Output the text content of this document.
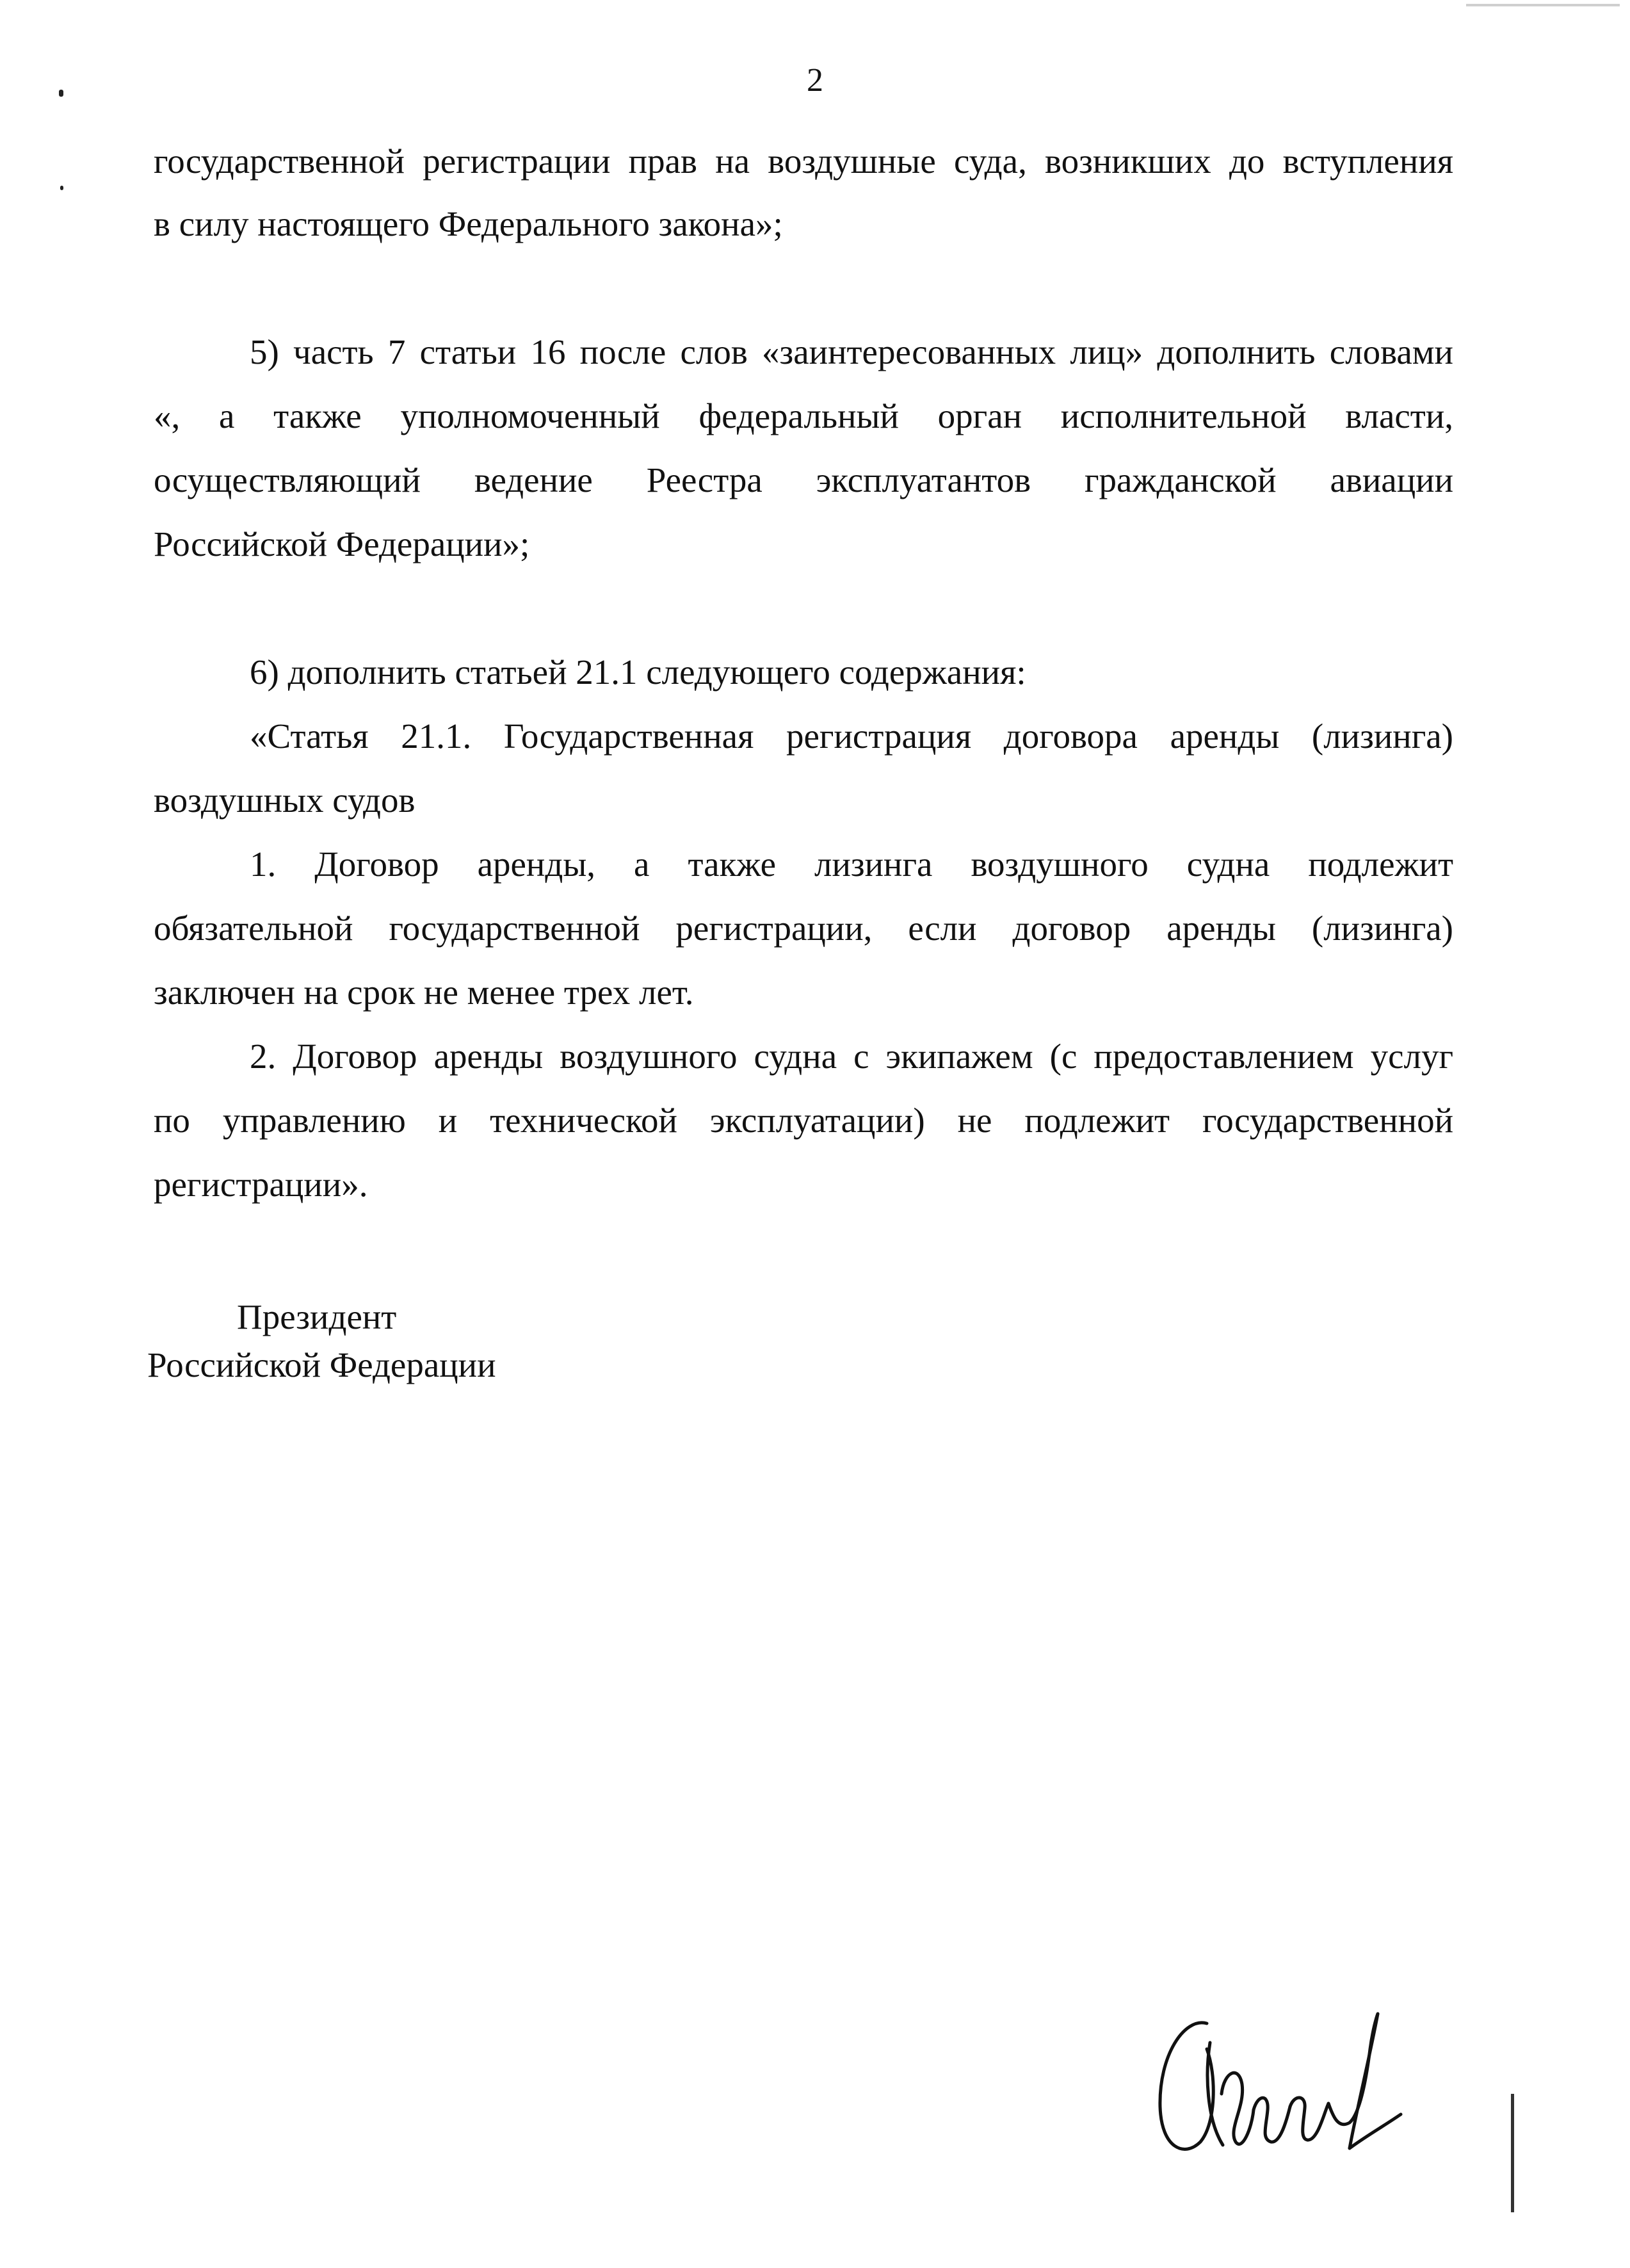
2
государственной регистрации прав на воздушные суда, возникших до вступления
в силу настоящего Федерального закона»;
5) часть 7 статьи 16 после слов «заинтересованных лиц» дополнить словами
«, а также уполномоченный федеральный орган исполнительной власти,
осуществляющий ведение Реестра эксплуатантов гражданской авиации
Российской Федерации»;
6) дополнить статьей 21.1 следующего содержания:
«Статья 21.1. Государственная регистрация договора аренды (лизинга)
воздушных судов
1. Договор аренды, а также лизинга воздушного судна подлежит
обязательной государственной регистрации, если договор аренды (лизинга)
заключен на срок не менее трех лет.
2. Договор аренды воздушного судна с экипажем (с предоставлением услуг
по управлению и технической эксплуатации) не подлежит государственной
регистрации».
Президент
Российской Федерации
